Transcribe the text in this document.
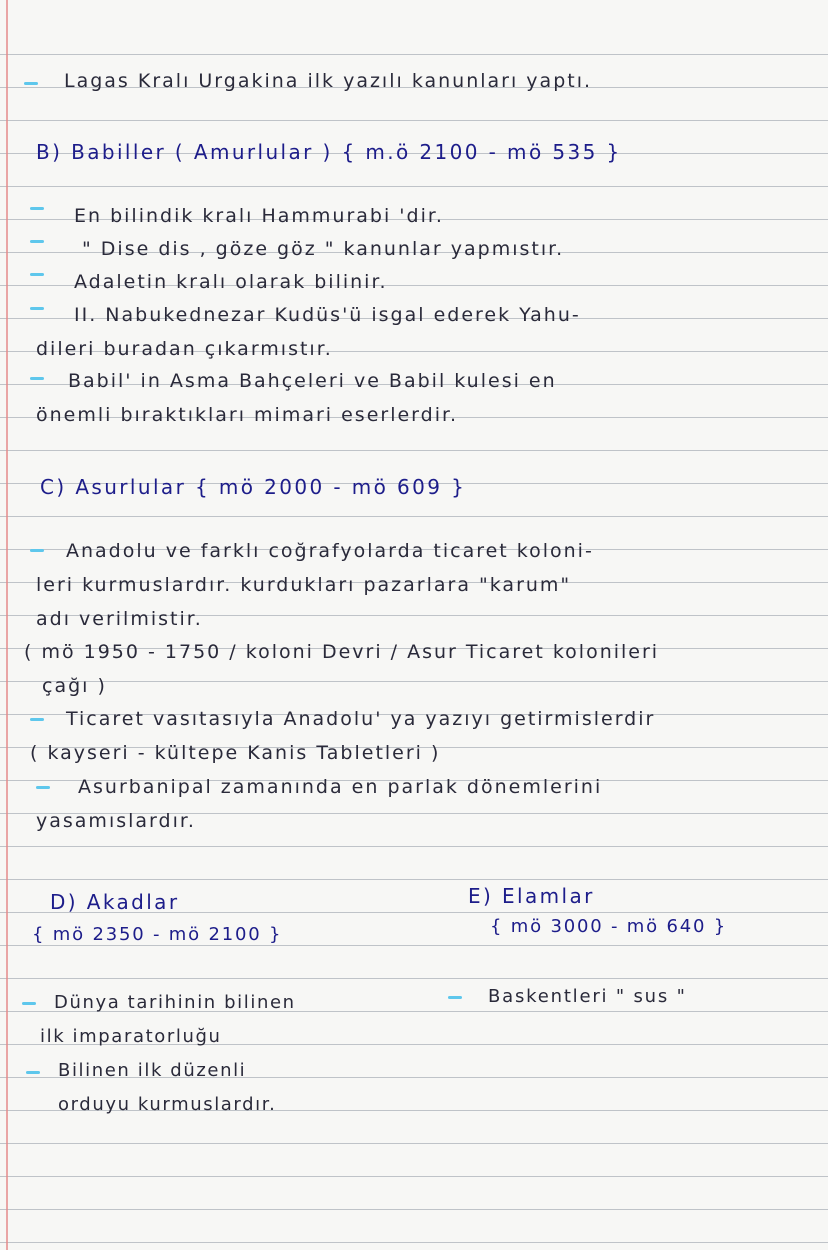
Lagas Kralı Urgakina ilk yazılı kanunları yaptı.
B) Babiller ( Amurlular ) { m.ö 2100 - mö 535 }
En bilindik kralı Hammurabi 'dir.
" Dise dis , göze göz " kanunlar yapmıstır.
Adaletin kralı olarak bilinir.
II. Nabukednezar Kudüs'ü isgal ederek Yahu-
dileri buradan çıkarmıstır.
Babil' in Asma Bahçeleri ve Babil kulesi en
önemli bıraktıkları mimari eserlerdir.
C) Asurlular { mö 2000 - mö 609 }
Anadolu ve farklı coğrafyolarda ticaret koloni-
leri kurmuslardır. kurdukları pazarlara "karum"
adı verilmistir.
( mö 1950 - 1750 / koloni Devri / Asur Ticaret kolonileri
çağı )
Ticaret vasıtasıyla Anadolu' ya yazıyı getirmislerdir
( kayseri - kültepe Kanis Tabletleri )
Asurbanipal zamanında en parlak dönemlerini
yasamıslardır.
D) Akadlar
{ mö 2350 - mö 2100 }
Dünya tarihinin bilinen
ilk imparatorluğu
Bilinen ilk düzenli
orduyu kurmuslardır.
E) Elamlar
{ mö 3000 - mö 640 }
Baskentleri " sus "
